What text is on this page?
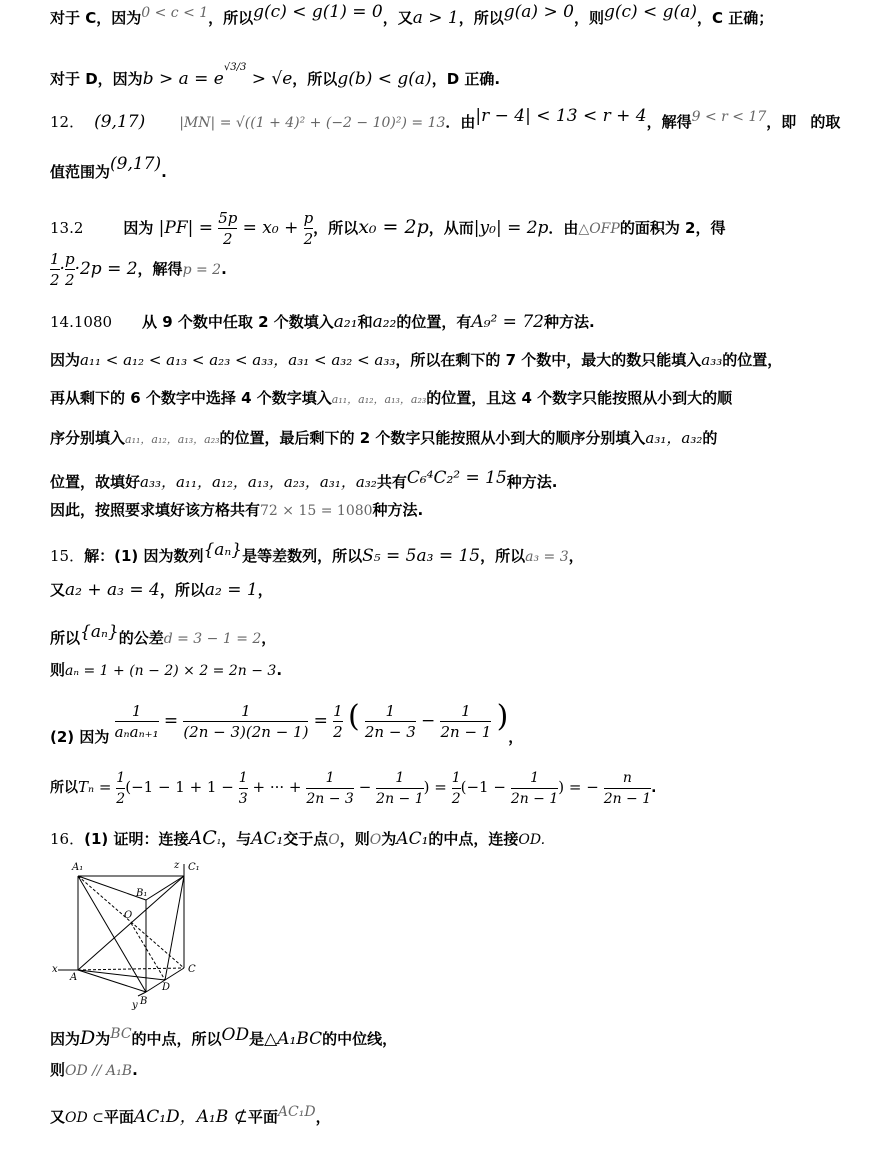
对于 C，因为0 < c < 1，所以g(c) < g(1) = 0，又a > 1，所以g(a) > 0，则g(c) < g(a)，C 正确；
对于 D，因为$b > a = e^{√3/3} > √e$，所以g(b) < g(a)，D 正确.
12． (9,17) |MN| = √((1 + 4)² + (−2 − 10)²) = 13．由|r − 4| < 13 < r + 4，解得9 < r < 17，即 的取
值范围为(9,17).
13.2	因为 $|PF| = \frac{5p}{2} = x_0 + \frac{p}{2}$ ，所以x₀ = 2p，从而|y₀| = 2p．由△OFP的面积为 2，得
$\frac{1}{2} \cdot \frac{p}{2} \cdot 2p = 2$，解得p = 2.
14.1080 从 9 个数中任取 2 个数填入a₂₁和a₂₂的位置，有A₉² = 72种方法.
因为a₁₁ < a₁₂ < a₁₃ < a₂₃ < a₃₃，a₃₁ < a₃₂ < a₃₃，所以在剩下的 7 个数中，最大的数只能填入a₃₃的位置，
再从剩下的 6 个数字中选择 4 个数字填入a₁₁，a₁₂，a₁₃，a₂₃的位置，且这 4 个数字只能按照从小到大的顺
序分别填入a₁₁，a₁₂，a₁₃，a₂₃的位置，最后剩下的 2 个数字只能按照从小到大的顺序分别填入a₃₁，a₃₂的
位置，故填好a₃₃，a₁₁，a₁₂，a₁₃，a₂₃，a₃₁，a₃₂共有C₆⁴C₂² = 15种方法.
因此，按照要求填好该方格共有72 × 15 = 1080种方法.
15．解：(1) 因为数列{aₙ}是等差数列，所以S₅ = 5a₃ = 15，所以a₃ = 3，
又a₂ + a₃ = 4，所以a₂ = 1，
所以{aₙ}的公差d = 3 − 1 = 2，
则aₙ = 1 + (n − 2) × 2 = 2n − 3.
(2) 因为 $\frac{1}{\text{aₙaₙ₊₁}} = \frac{1}{(2n - 3)(2n - 1)} = \frac{1}{2}$ ( $\frac{1}{2n - 3} - \frac{1}{2n - 1}$ )，
所以$T_n = \frac{1}{2} (-1 - 1 + 1 - \frac{1}{3}$ + ··· + $\frac{1}{2n - 3} - \frac{1}{2n - 1}$ ) = $\frac{1}{2} (-1 - \frac{1}{2n - 1}$ ) = − $\frac{n}{2n - 1}$ .
16．(1) 证明：连接AC₁，与AC₁交于点O，则O为AC₁的中点，连接OD.
A₁	C₁
z
B₁
O
A
C
D
B
y
x
因为D为BC的中点，所以OD是△A₁BC的中位线，
则OD // A₁B.
又OD ⊂平面AC₁D，A₁B ⊄平面AC₁D，
